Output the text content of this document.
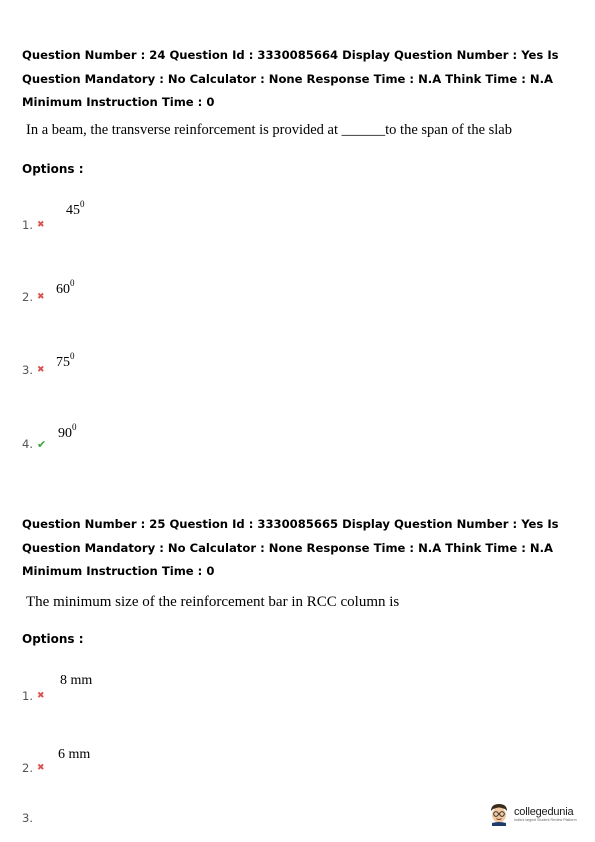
Question Number : 24 Question Id : 3330085664 Display Question Number : Yes Is Question Mandatory : No Calculator : None Response Time : N.A Think Time : N.A Minimum Instruction Time : 0
In a beam, the transverse reinforcement is provided at ______to the span of the slab
Options :
1. ✖
$45^0$
2. ✖ $60^0$
3. ✖ $75^0$
4. ✔
$90^0$
Question Number : 25 Question Id : 3330085665 Display Question Number : Yes Is Question Mandatory : No Calculator : None Response Time : N.A Think Time : N.A Minimum Instruction Time : 0
The minimum size of the reinforcement bar in RCC column is
Options :
1. ✖
8 mm
2. ✖
6 mm
3.	collegedunia
India's largest Student Review Platform
